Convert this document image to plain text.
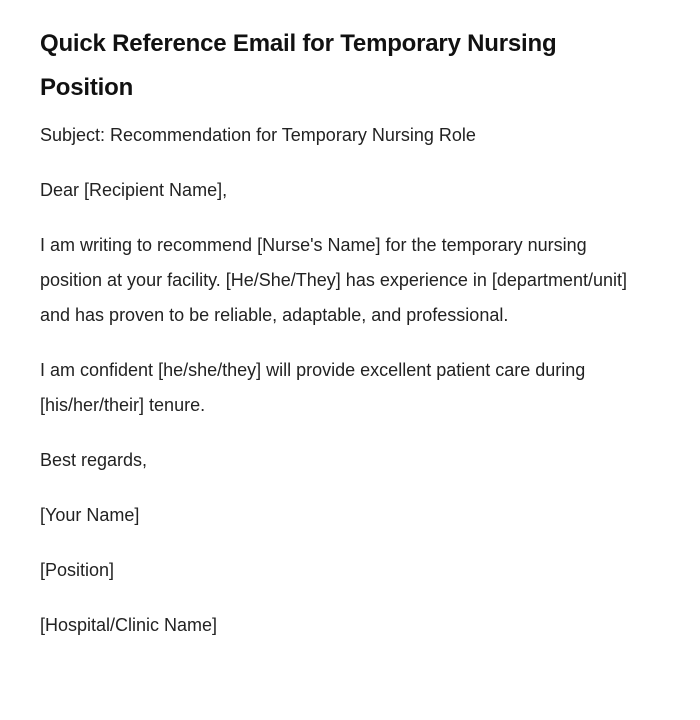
Quick Reference Email for Temporary Nursing Position

Subject: Recommendation for Temporary Nursing Role

Dear [Recipient Name],

I am writing to recommend [Nurse's Name] for the temporary nursing position at your facility. [He/She/They] has experience in [department/unit] and has proven to be reliable, adaptable, and professional.

I am confident [he/she/they] will provide excellent patient care during [his/her/their] tenure.

Best regards,

[Your Name]

[Position]

[Hospital/Clinic Name]
